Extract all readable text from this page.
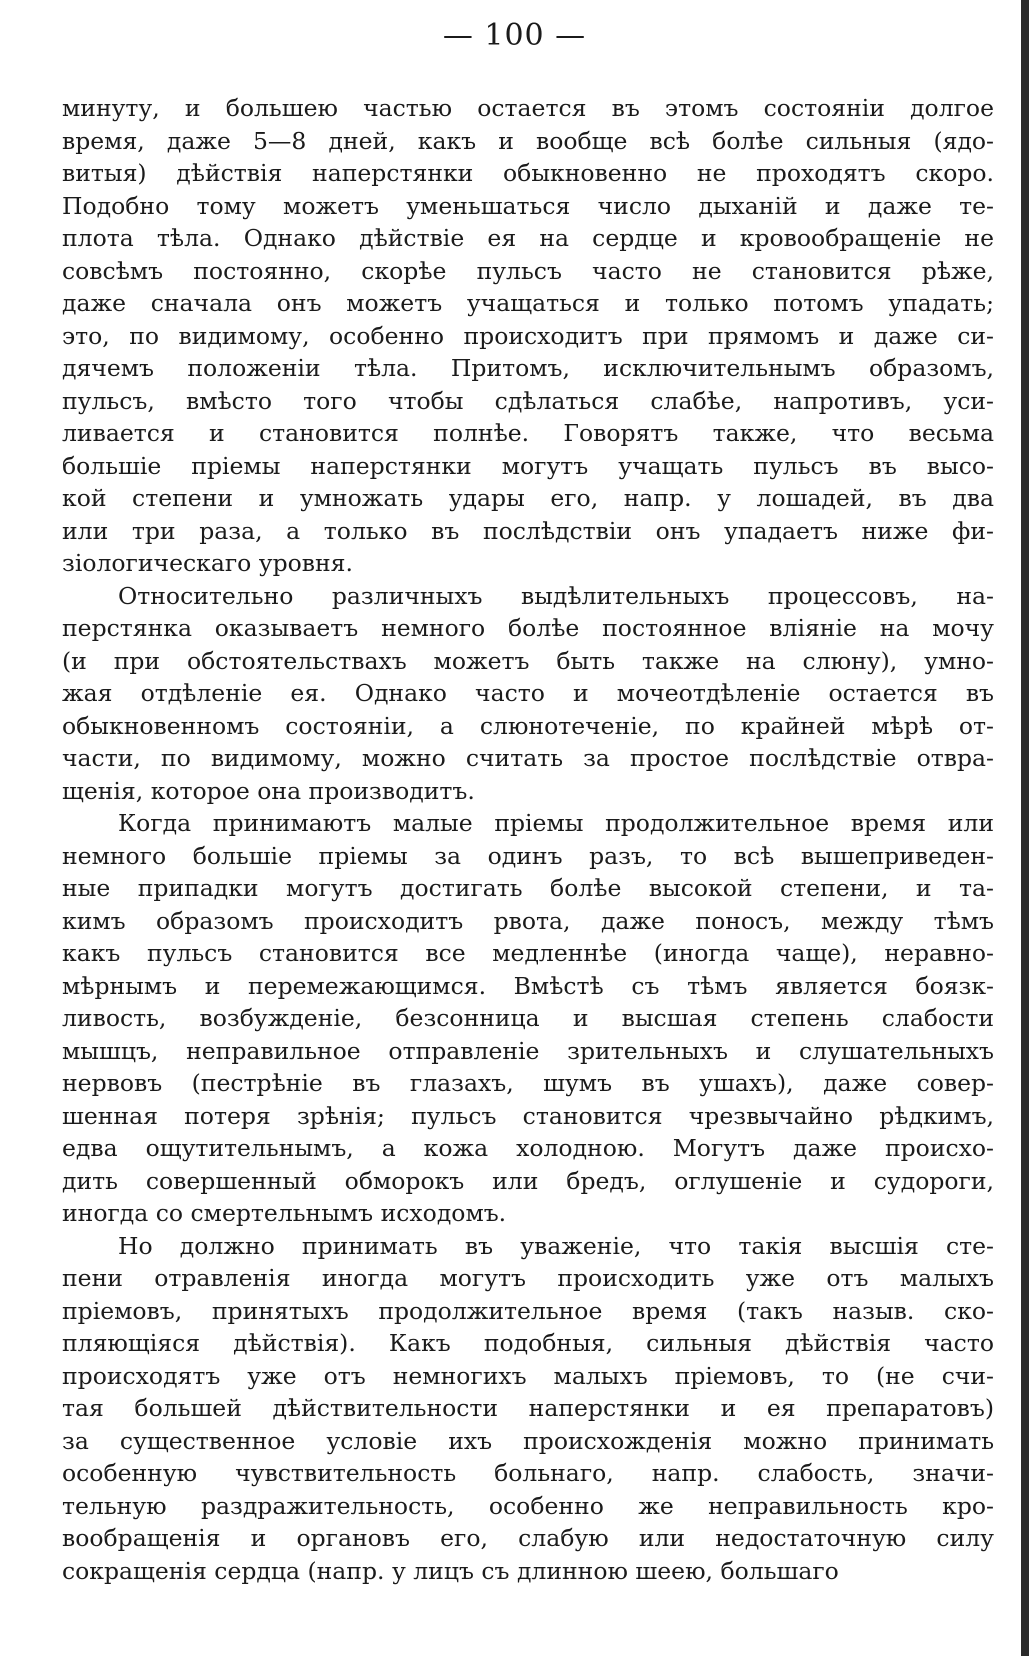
— 100 —
минуту, и большею частью остается въ этомъ состояніи долгое
время, даже 5—8 дней, какъ и вообще всѣ болѣе сильныя (ядо-
витыя) дѣйствія наперстянки обыкновенно не проходятъ скоро.
Подобно тому можетъ уменьшаться число дыханій и даже те-
плота тѣла. Однако дѣйствіе ея на сердце и кровообращеніе не
совсѣмъ постоянно, скорѣе пульсъ часто не становится рѣже,
даже сначала онъ можетъ учащаться и только потомъ упадать;
это, по видимому, особенно происходитъ при прямомъ и даже си-
дячемъ положеніи тѣла. Притомъ, исключительнымъ образомъ,
пульсъ, вмѣсто того чтобы сдѣлаться слабѣе, напротивъ, уси-
ливается и становится полнѣе. Говорятъ также, что весьма
большіе пріемы наперстянки могутъ учащать пульсъ въ высо-
кой степени и умножать удары его, напр. у лошадей, въ два
или три раза, а только въ послѣдствіи онъ упадаетъ ниже фи-
зіологическаго уровня.
Относительно различныхъ выдѣлительныхъ процессовъ, на-
перстянка оказываетъ немного болѣе постоянное вліяніе на мочу
(и при обстоятельствахъ можетъ быть также на слюну), умно-
жая отдѣленіе ея. Однако часто и мочеотдѣленіе остается въ
обыкновенномъ состояніи, а слюнотеченіе, по крайней мѣрѣ от-
части, по видимому, можно считать за простое послѣдствіе отвра-
щенія, которое она производитъ.
Когда принимаютъ малые пріемы продолжительное время или
немного большіе пріемы за одинъ разъ, то всѣ вышеприведен-
ные припадки могутъ достигать болѣе высокой степени, и та-
кимъ образомъ происходитъ рвота, даже поносъ, между тѣмъ
какъ пульсъ становится все медленнѣе (иногда чаще), неравно-
мѣрнымъ и перемежающимся. Вмѣстѣ съ тѣмъ является боязк-
ливость, возбужденіе, безсонница и высшая степень слабости
мышцъ, неправильное отправленіе зрительныхъ и слушательныхъ
нервовъ (пестрѣніе въ глазахъ, шумъ въ ушахъ), даже совер-
шенная потеря зрѣнія; пульсъ становится чрезвычайно рѣдкимъ,
едва ощутительнымъ, а кожа холодною. Могутъ даже происхо-
дить совершенный обморокъ или бредъ, оглушеніе и судороги,
иногда со смертельнымъ исходомъ.
Но должно принимать въ уваженіе, что такія высшія сте-
пени отравленія иногда могутъ происходить уже отъ малыхъ
пріемовъ, принятыхъ продолжительное время (такъ назыв. ско-
пляющіяся дѣйствія). Какъ подобныя, сильныя дѣйствія часто
происходятъ уже отъ немногихъ малыхъ пріемовъ, то (не счи-
тая большей дѣйствительности наперстянки и ея препаратовъ)
за существенное условіе ихъ происхожденія можно принимать
особенную чувствительность больнаго, напр. слабость, значи-
тельную раздражительность, особенно же неправильность кро-
вообращенія и органовъ его, слабую или недостаточную силу
сокращенія сердца (напр. у лицъ съ длинною шеею, большаго
